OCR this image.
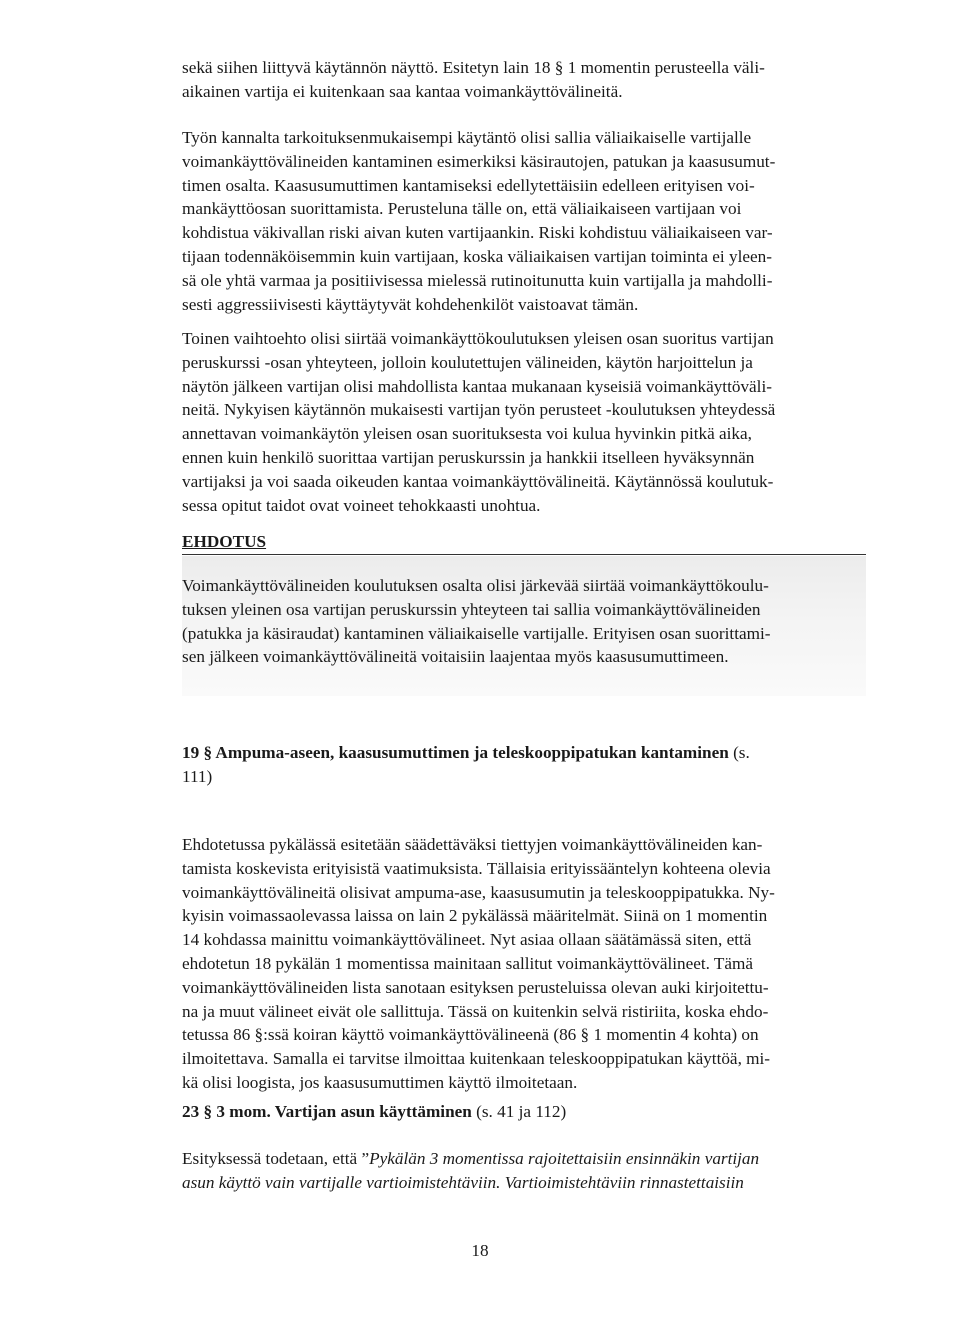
sekä siihen liittyvä käytännön näyttö. Esitetyn lain 18 § 1 momentin perusteella väli-
aikainen vartija ei kuitenkaan saa kantaa voimankäyttövälineitä.

Työn kannalta tarkoituksenmukaisempi käytäntö olisi sallia väliaikaiselle vartijalle
voimankäyttövälineiden kantaminen esimerkiksi käsirautojen, patukan ja kaasusumut-
timen osalta. Kaasusumuttimen kantamiseksi edellytettäisiin edelleen erityisen voi-
mankäyttöosan suorittamista. Perusteluna tälle on, että väliaikaiseen vartijaan voi
kohdistua väkivallan riski aivan kuten vartijaankin. Riski kohdistuu väliaikaiseen var-
tijaan todennäköisemmin kuin vartijaan, koska väliaikaisen vartijan toiminta ei yleen-
sä ole yhtä varmaa ja positiivisessa mielessä rutinoitunutta kuin vartijalla ja mahdolli-
sesti aggressiivisesti käyttäytyvät kohdehenkilöt vaistoavat tämän.

Toinen vaihtoehto olisi siirtää voimankäyttökoulutuksen yleisen osan suoritus vartijan
peruskurssi -osan yhteyteen, jolloin koulutettujen välineiden, käytön harjoittelun ja
näytön jälkeen vartijan olisi mahdollista kantaa mukanaan kyseisiä voimankäyttöväli-
neitä. Nykyisen käytännön mukaisesti vartijan työn perusteet -koulutuksen yhteydessä
annettavan voimankäytön yleisen osan suorituksesta voi kulua hyvinkin pitkä aika,
ennen kuin henkilö suorittaa vartijan peruskurssin ja hankkii itselleen hyväksynnän
vartijaksi ja voi saada oikeuden kantaa voimankäyttövälineitä. Käytännössä koulutuk-
sessa opitut taidot ovat voineet tehokkaasti unohtua.

EHDOTUS

Voimankäyttövälineiden koulutuksen osalta olisi järkevää siirtää voimankäyttökoulu-
tuksen yleinen osa vartijan peruskurssin yhteyteen tai sallia voimankäyttövälineiden
(patukka ja käsiraudat) kantaminen väliaikaiselle vartijalle. Erityisen osan suorittami-
sen jälkeen voimankäyttövälineitä voitaisiin laajentaa myös kaasusumuttimeen.

19 § Ampuma-aseen, kaasusumuttimen ja teleskooppipatukan kantaminen (s.
111)

Ehdotetussa pykälässä esitetään säädettäväksi tiettyjen voimankäyttövälineiden kan-
tamista koskevista erityisistä vaatimuksista. Tällaisia erityissääntelyn kohteena olevia
voimankäyttövälineitä olisivat ampuma-ase, kaasusumutin ja teleskooppipatukka. Ny-
kyisin voimassaolevassa laissa on lain 2 pykälässä määritelmät. Siinä on 1 momentin
14 kohdassa mainittu voimankäyttövälineet. Nyt asiaa ollaan säätämässä siten, että
ehdotetun 18 pykälän 1 momentissa mainitaan sallitut voimankäyttövälineet. Tämä
voimankäyttövälineiden lista sanotaan esityksen perusteluissa olevan auki kirjoitettu-
na ja muut välineet eivät ole sallittuja. Tässä on kuitenkin selvä ristiriita, koska ehdo-
tetussa 86 §:ssä koiran käyttö voimankäyttövälineenä (86 § 1 momentin 4 kohta) on
ilmoitettava. Samalla ei tarvitse ilmoittaa kuitenkaan teleskooppipatukan käyttöä, mi-
kä olisi loogista, jos kaasusumuttimen käyttö ilmoitetaan.

23 § 3 mom. Vartijan asun käyttäminen (s. 41 ja 112)

Esityksessä todetaan, että ”Pykälän 3 momentissa rajoitettaisiin ensinnäkin vartijan
asun käyttö vain vartijalle vartioimistehtäviin. Vartioimistehtäviin rinnastettaisiin

18
